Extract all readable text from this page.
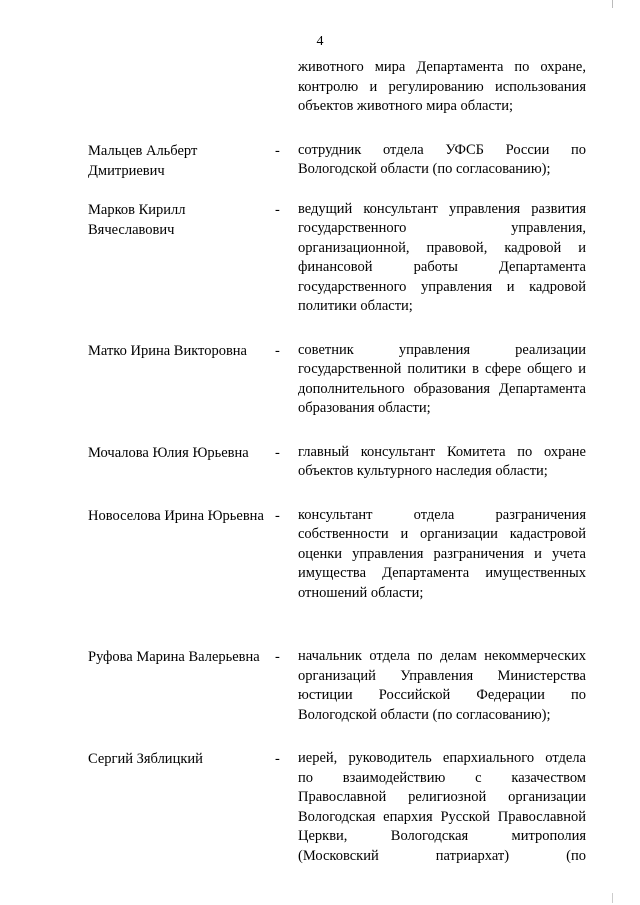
4
животного мира Департамента по охране,
контролю и регулированию использования
объектов животного мира области;
Мальцев Альберт Дмитриевич
- сотрудник отдела УФСБ России по
Вологодской области (по согласованию);
Марков Кирилл Вячеславович
- ведущий консультант управления развития
государственного управления,
организационной, правовой, кадровой и
финансовой работы Департамента
государственного управления и кадровой
политики области;
Матко Ирина Викторовна	- советник управления реализации
государственной политики в сфере общего и
дополнительного образования Департамента
образования области;
Мочалова Юлия Юрьевна	- главный консультант Комитета по охране
объектов культурного наследия области;
Новоселова Ирина Юрьевна - консультант отдела разграничения
собственности и организации кадастровой
оценки управления разграничения и учета
имущества Департамента имущественных
отношений области;
Руфова Марина Валерьевна	- начальник отдела по делам некоммерческих
организаций Управления Министерства
юстиции Российской Федерации по
Вологодской области (по согласованию);
Сергий Зяблицкий	- иерей, руководитель епархиального отдела
по взаимодействию с казачеством
Православной религиозной организации
Вологодская епархия Русской Православной
Церкви, Вологодская митрополия
(Московский патриархат) (по
